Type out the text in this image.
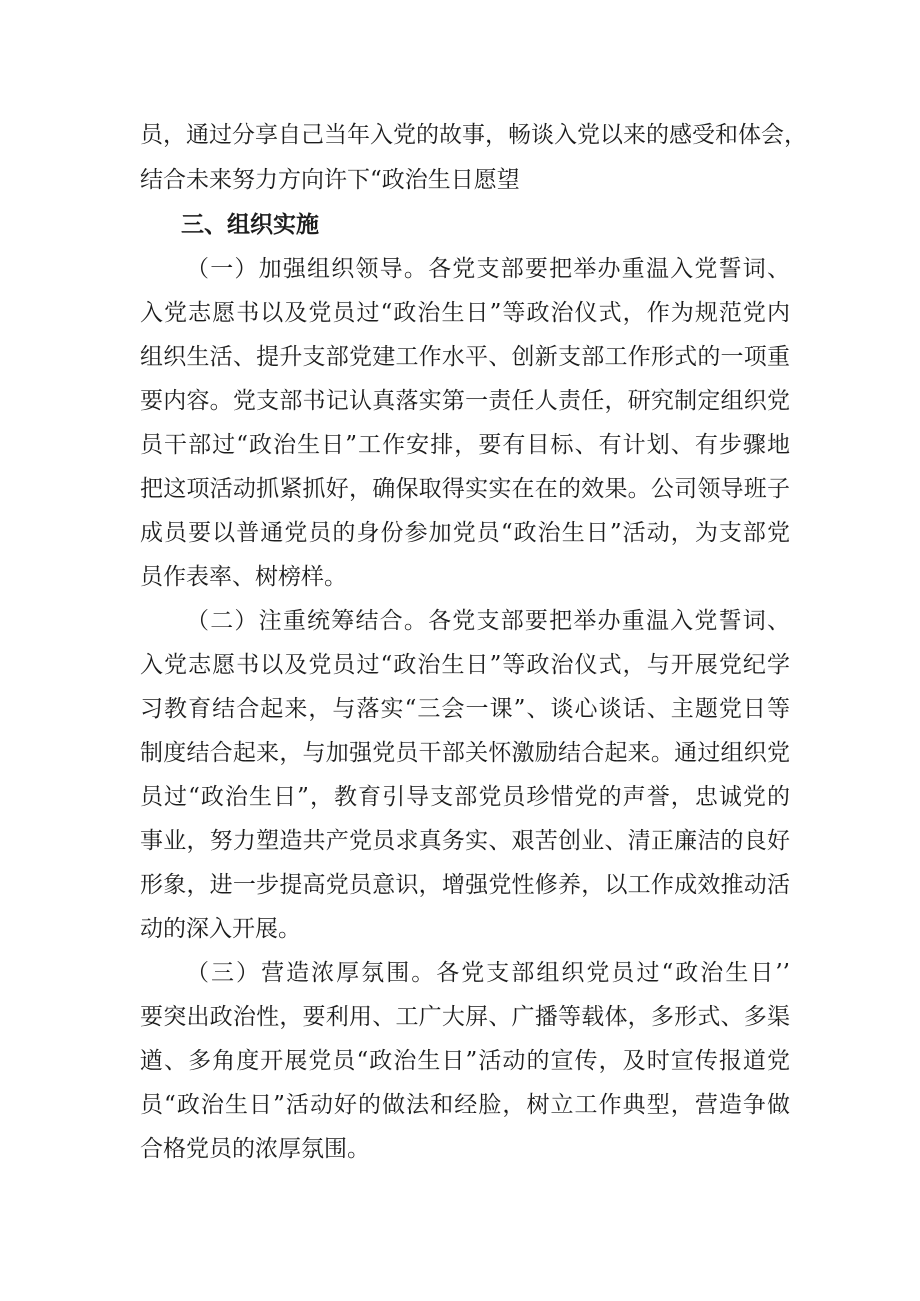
员，通过分享自己当年入党的故事，畅谈入党以来的感受和体会，

结合未来努力方向许下“政治生日愿望

三、组织实施

（一）加强组织领导。各党支部要把举办重温入党誓词、

入党志愿书以及党员过“政治生日”等政治仪式，作为规范党内

组织生活、提升支部党建工作水平、创新支部工作形式的一项重

要内容。党支部书记认真落实第一责任人责任，研究制定组织党

员干部过“政治生日”工作安排，要有目标、有计划、有步骤地

把这项活动抓紧抓好，确保取得实实在在的效果。公司领导班子

成员要以普通党员的身份参加党员“政治生日”活动，为支部党

员作表率、树榜样。

（二）注重统筹结合。各党支部要把举办重温入党誓词、

入党志愿书以及党员过“政治生日”等政治仪式，与开展党纪学

习教育结合起来，与落实“三会一课”、谈心谈话、主题党日等

制度结合起来，与加强党员干部关怀激励结合起来。通过组织党

员过“政治生日”，教育引导支部党员珍惜党的声誉，忠诚党的

事业，努力塑造共产党员求真务实、艰苦创业、清正廉洁的良好

形象，进一步提高党员意识，增强党性修养，以工作成效推动活

动的深入开展。

（三）营造浓厚氛围。各党支部组织党员过“政治生日’’

要突出政治性，要利用、工广大屏、广播等载体，多形式、多渠

遒、多角度开展党员“政治生日”活动的宣传，及时宣传报道党

员“政治生日”活动好的做法和经脸，树立工作典型，营造争做

合格党员的浓厚氛围。
